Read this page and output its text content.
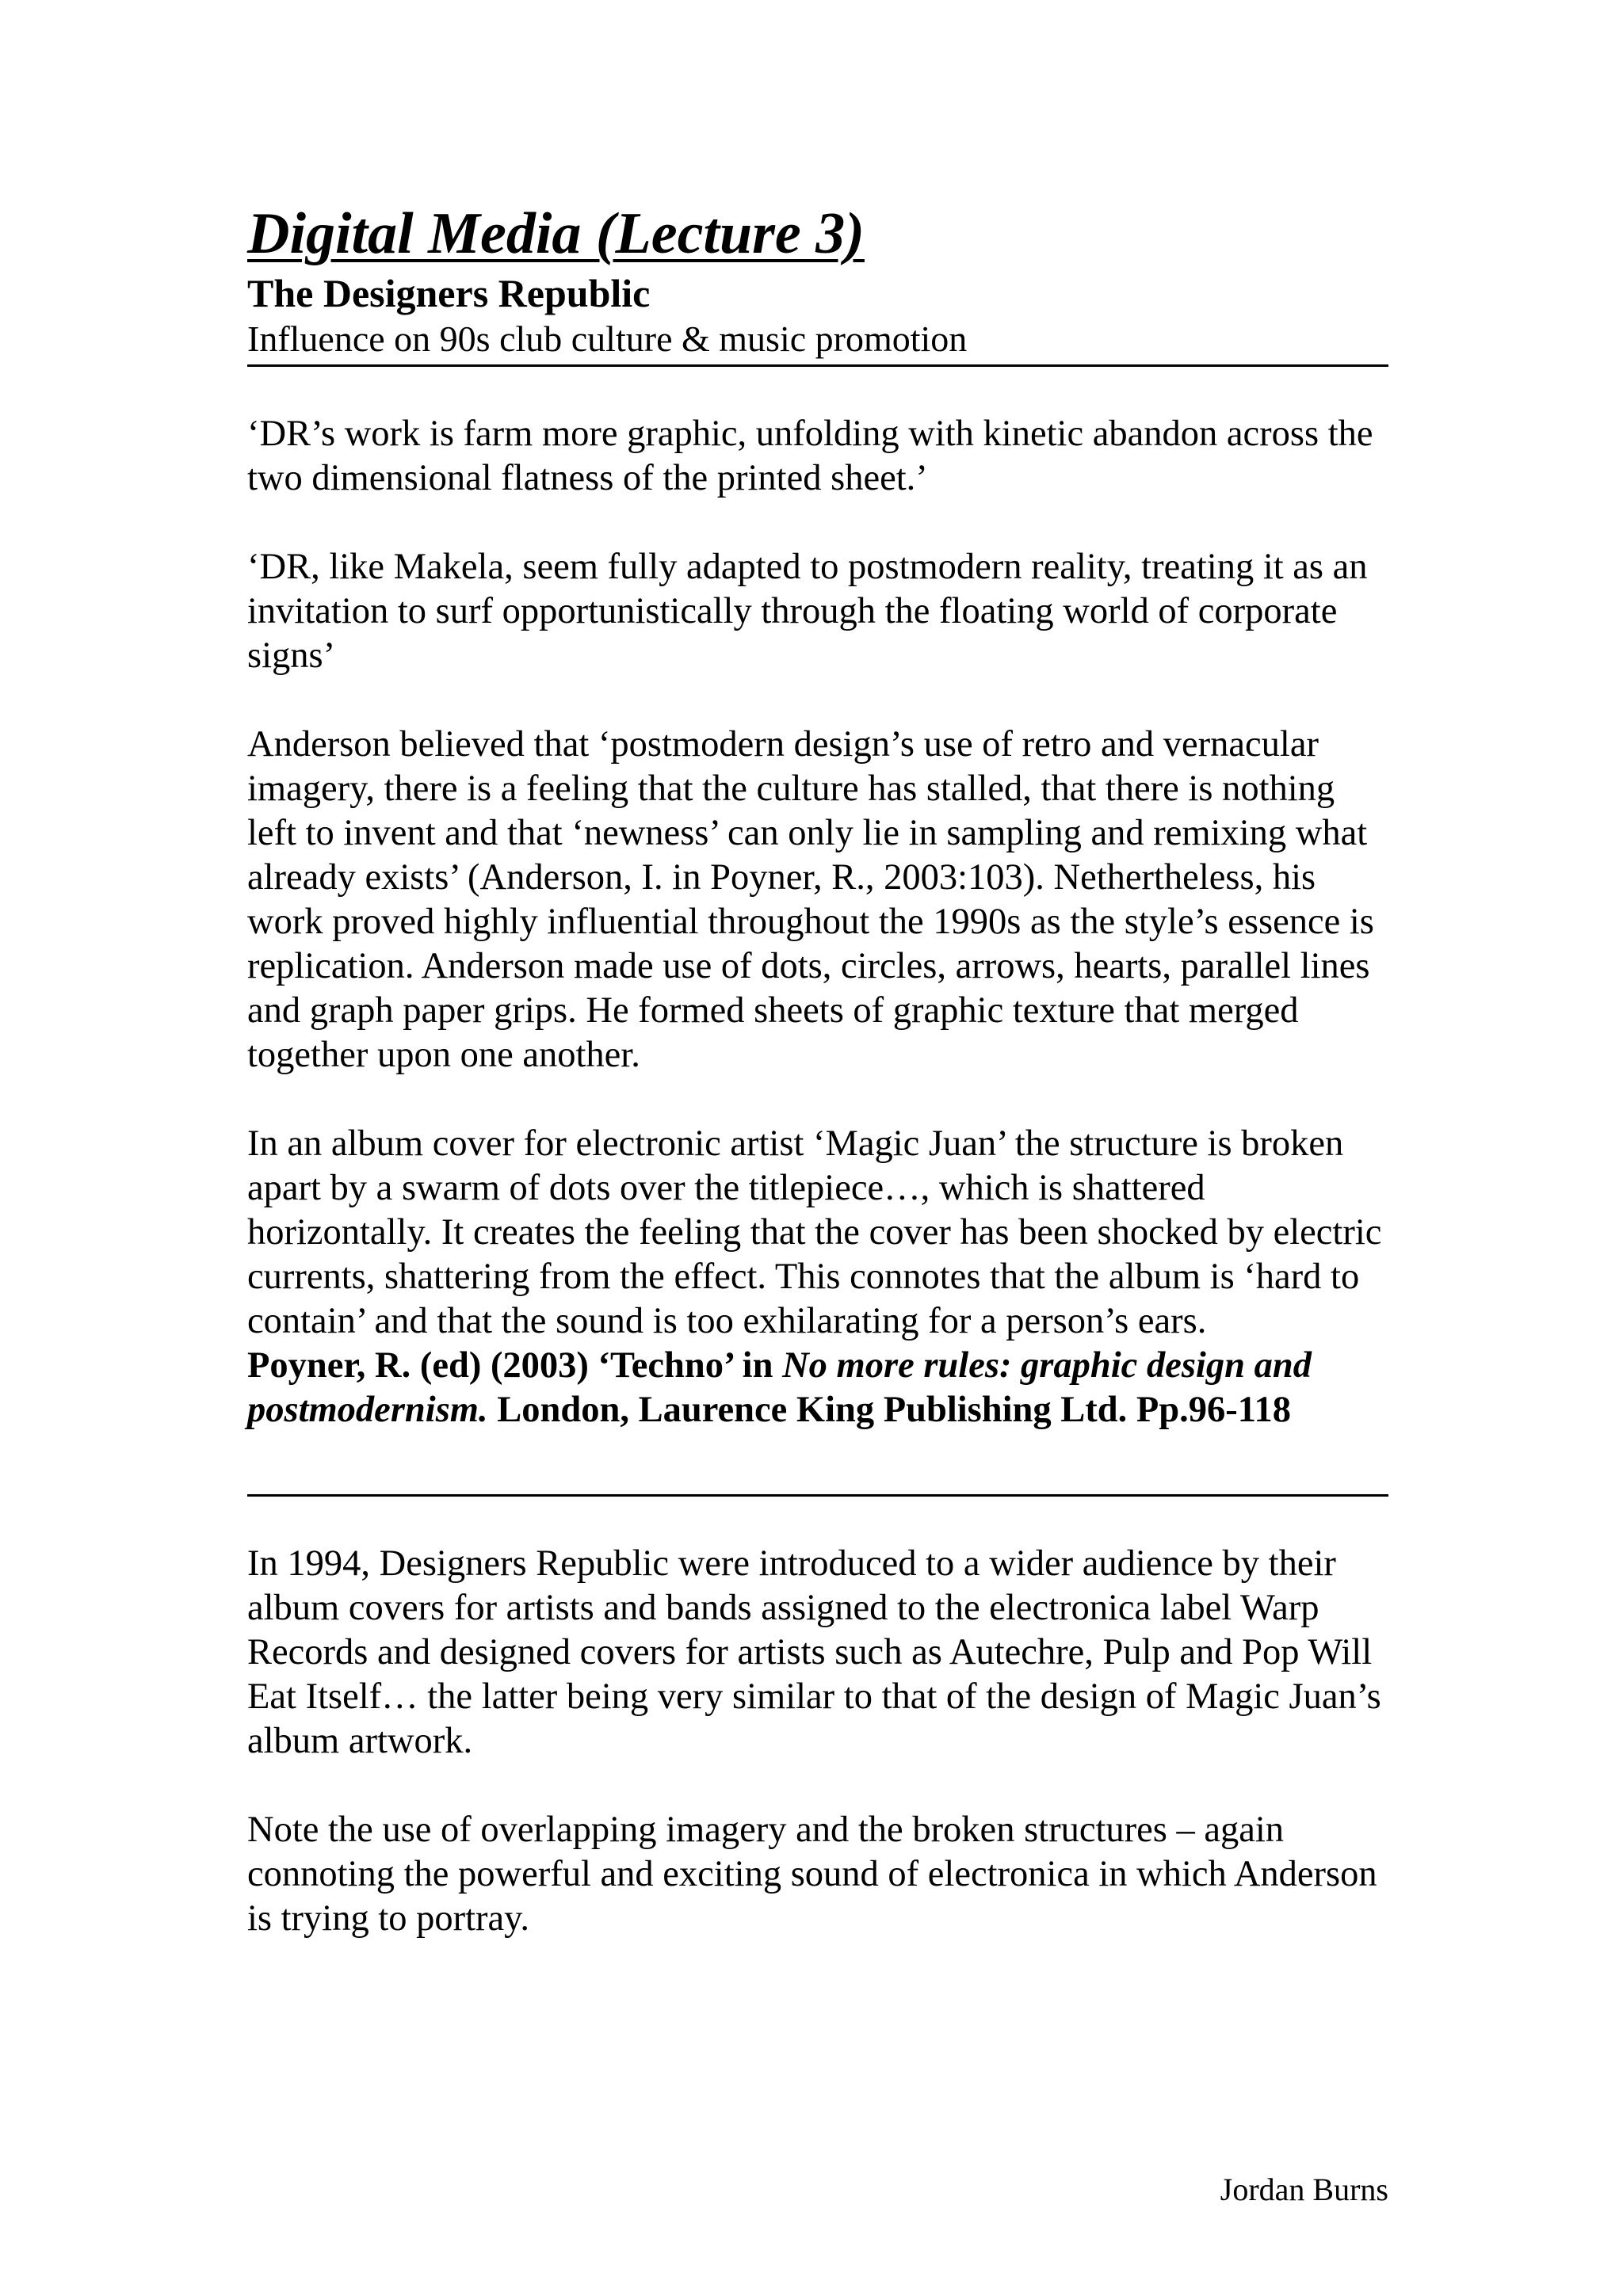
Digital Media (Lecture 3)
The Designers Republic
Influence on 90s club culture & music promotion

‘DR’s work is farm more graphic, unfolding with kinetic abandon across the two dimensional flatness of the printed sheet.’

‘DR, like Makela, seem fully adapted to postmodern reality, treating it as an invitation to surf opportunistically through the floating world of corporate signs’

Anderson believed that ‘postmodern design’s use of retro and vernacular imagery, there is a feeling that the culture has stalled, that there is nothing left to invent and that ‘newness’ can only lie in sampling and remixing what already exists’ (Anderson, I. in Poyner, R., 2003:103). Nethertheless, his work proved highly influential throughout the 1990s as the style’s essence is replication. Anderson made use of dots, circles, arrows, hearts, parallel lines and graph paper grips. He formed sheets of graphic texture that merged together upon one another.

In an album cover for electronic artist ‘Magic Juan’ the structure is broken apart by a swarm of dots over the titlepiece…, which is shattered horizontally. It creates the feeling that the cover has been shocked by electric currents, shattering from the effect. This connotes that the album is ‘hard to contain’ and that the sound is too exhilarating for a person’s ears.

Poyner, R. (ed) (2003) ‘Techno’ in No more rules: graphic design and postmodernism. London, Laurence King Publishing Ltd. Pp.96-118

In 1994, Designers Republic were introduced to a wider audience by their album covers for artists and bands assigned to the electronica label Warp Records and designed covers for artists such as Autechre, Pulp and Pop Will Eat Itself… the latter being very similar to that of the design of Magic Juan’s album artwork.

Note the use of overlapping imagery and the broken structures – again connoting the powerful and exciting sound of electronica in which Anderson is trying to portray.

Jordan Burns
